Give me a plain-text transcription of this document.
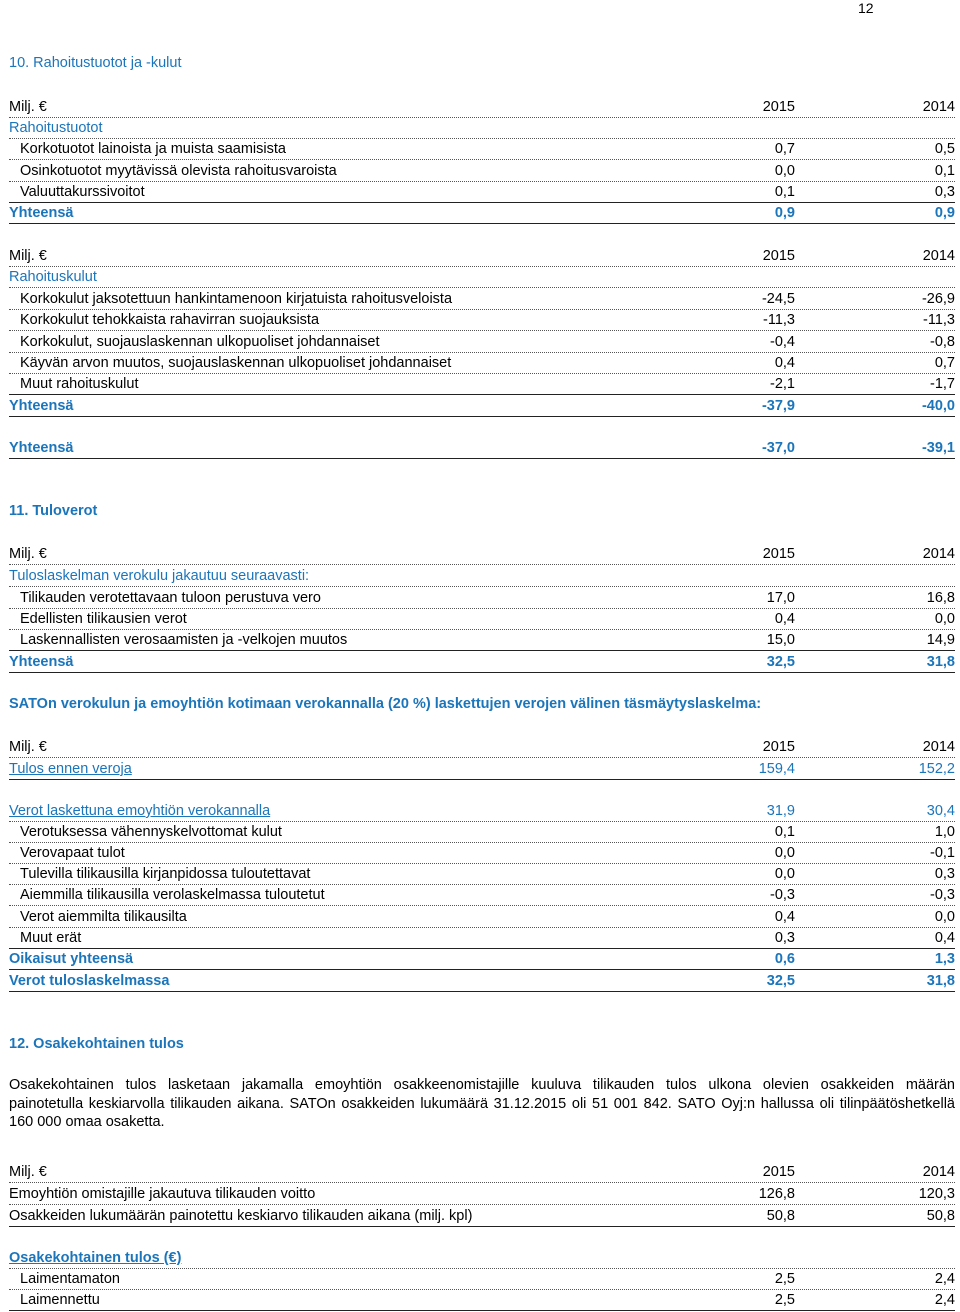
12
10. Rahoitustuotot ja -kulut
Milj. €	2015	2014
Rahoitustuotot
Korkotuotot lainoista ja muista saamisista	0,7	0,5
Osinkotuotot myytävissä olevista rahoitusvaroista	0,0	0,1
Valuuttakurssivoitot	0,1	0,3
Yhteensä	0,9	0,9
Milj. €	2015	2014
Rahoituskulut
Korkokulut jaksotettuun hankintamenoon kirjatuista rahoitusveloista	-24,5	-26,9
Korkokulut tehokkaista rahavirran suojauksista	-11,3	-11,3
Korkokulut, suojauslaskennan ulkopuoliset johdannaiset	-0,4	-0,8
Käyvän arvon muutos, suojauslaskennan ulkopuoliset johdannaiset	0,4	0,7
Muut rahoituskulut	-2,1	-1,7
Yhteensä	-37,9	-40,0
Yhteensä	-37,0	-39,1
11. Tuloverot
Milj. €	2015	2014
Tuloslaskelman verokulu jakautuu seuraavasti:
Tilikauden verotettavaan tuloon perustuva vero	17,0	16,8
Edellisten tilikausien verot	0,4	0,0
Laskennallisten verosaamisten ja -velkojen muutos	15,0	14,9
Yhteensä	32,5	31,8
SATOn verokulun ja emoyhtiön kotimaan verokannalla (20 %) laskettujen verojen välinen täsmäytyslaskelma:
Milj. €	2015	2014
Tulos ennen veroja	159,4	152,2
Verot laskettuna emoyhtiön verokannalla	31,9	30,4
Verotuksessa vähennyskelvottomat kulut	0,1	1,0
Verovapaat tulot	0,0	-0,1
Tulevilla tilikausilla kirjanpidossa tuloutettavat	0,0	0,3
Aiemmilla tilikausilla verolaskelmassa tuloutetut	-0,3	-0,3
Verot aiemmilta tilikausilta	0,4	0,0
Muut erät	0,3	0,4
Oikaisut yhteensä	0,6	1,3
Verot tuloslaskelmassa	32,5	31,8
12. Osakekohtainen tulos
Osakekohtainen tulos lasketaan jakamalla emoyhtiön osakkeenomistajille kuuluva tilikauden tulos ulkona olevien osakkeiden määrän
painotetulla keskiarvolla tilikauden aikana. SATOn osakkeiden lukumäärä 31.12.2015 oli 51 001 842. SATO Oyj:n hallussa oli tilinpäätöshetkellä
160 000 omaa osaketta.
Milj. €	2015	2014
Emoyhtiön omistajille jakautuva tilikauden voitto	126,8	120,3
Osakkeiden lukumäärän painotettu keskiarvo tilikauden aikana (milj. kpl)	50,8	50,8
Osakekohtainen tulos (€)
Laimentamaton	2,5	2,4
Laimennettu	2,5	2,4
